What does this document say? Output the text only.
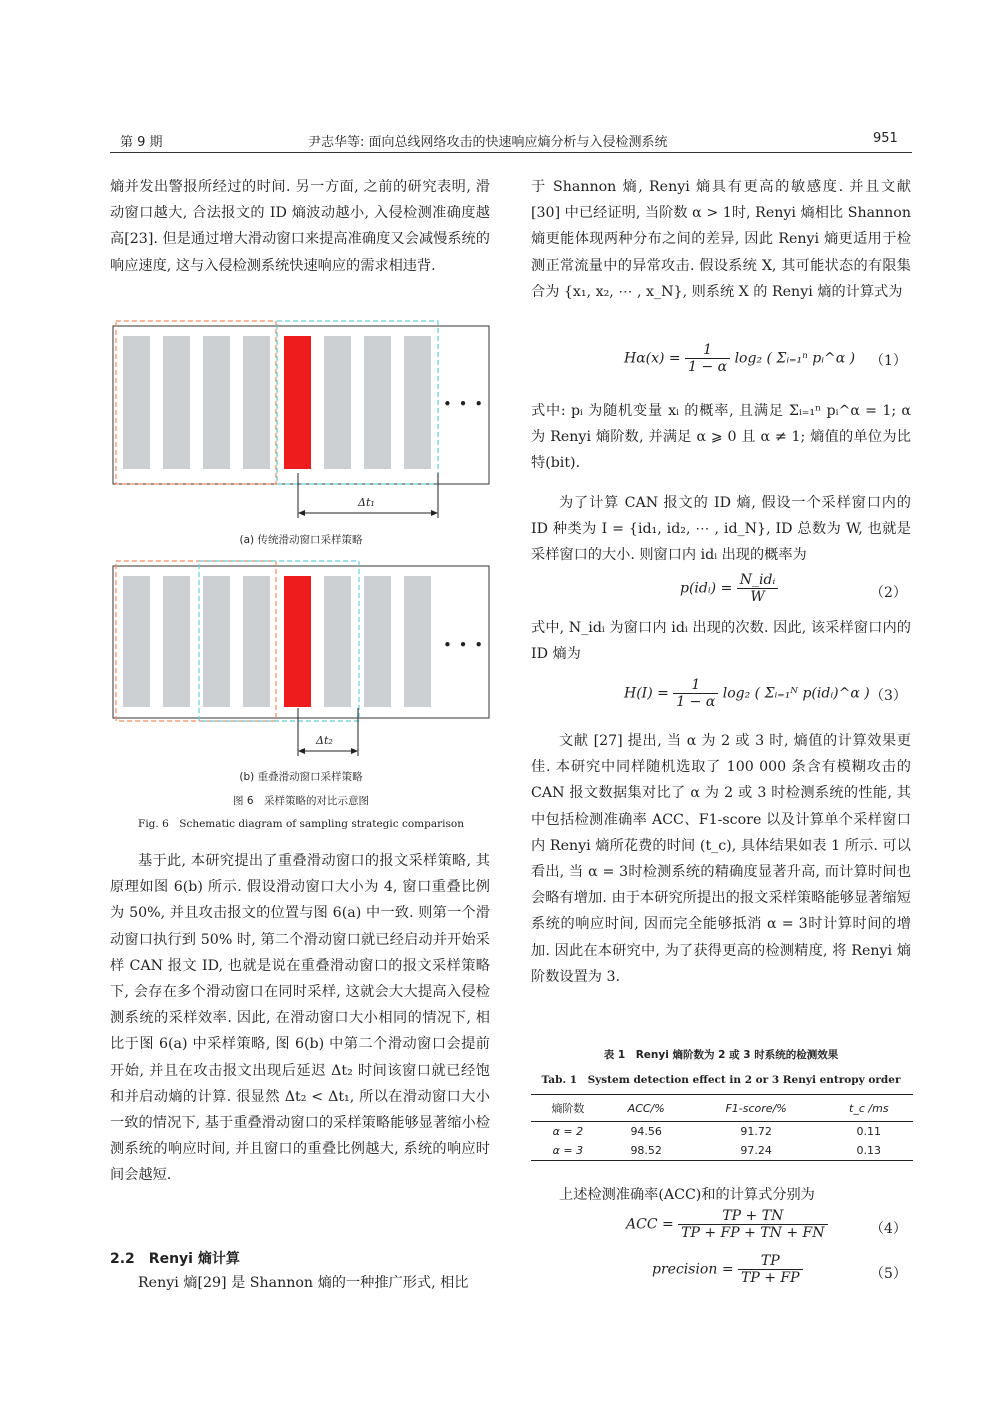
第 9 期	尹志华等: 面向总线网络攻击的快速响应熵分析与入侵检测系统	951

熵并发出警报所经过的时间. 另一方面, 之前的研究表明, 滑动窗口越大, 合法报文的 ID 熵波动越小, 入侵检测准确度越高[23]. 但是通过增大滑动窗口来提高准确度又会减慢系统的响应速度, 这与入侵检测系统快速响应的需求相违背.

• • •
Δt₁
(a) 传统滑动窗口采样策略
• • •
Δt₂
(b) 重叠滑动窗口采样策略
图 6　采样策略的对比示意图
Fig. 6　Schematic diagram of sampling strategic comparison

基于此, 本研究提出了重叠滑动窗口的报文采样策略, 其原理如图 6(b) 所示. 假设滑动窗口大小为 4, 窗口重叠比例为 50%, 并且攻击报文的位置与图 6(a) 中一致. 则第一个滑动窗口执行到 50% 时, 第二个滑动窗口就已经启动并开始采样 CAN 报文 ID, 也就是说在重叠滑动窗口的报文采样策略下, 会存在多个滑动窗口在同时采样, 这就会大大提高入侵检测系统的采样效率. 因此, 在滑动窗口大小相同的情况下, 相比于图 6(a) 中采样策略, 图 6(b) 中第二个滑动窗口会提前开始, 并且在攻击报文出现后延迟 Δt₂ 时间该窗口就已经饱和并启动熵的计算. 很显然 Δt₂ < Δt₁, 所以在滑动窗口大小一致的情况下, 基于重叠滑动窗口的采样策略能够显著缩小检测系统的响应时间, 并且窗口的重叠比例越大, 系统的响应时间会越短.

2.2　Renyi 熵计算

Renyi 熵[29] 是 Shannon 熵的一种推广形式, 相比

于 Shannon 熵, Renyi 熵具有更高的敏感度. 并且文献 [30] 中已经证明, 当阶数 α > 1时, Renyi 熵相比 Shannon 熵更能体现两种分布之间的差异, 因此 Renyi 熵更适用于检测正常流量中的异常攻击. 假设系统 X, 其可能状态的有限集合为 {x₁, x₂, ⋯ , x_N}, 则系统 X 的 Renyi 熵的计算式为

$H\alpha(x) = \frac{1}{1 - \alpha} \log_2$ ( Σᵢ₌₁ⁿ pᵢ^α ) （1）

式中: pᵢ 为随机变量 xᵢ 的概率, 且满足 Σᵢ₌₁ⁿ pᵢ^α = 1; α 为 Renyi 熵阶数, 并满足 α ⩾ 0 且 α ≠ 1; 熵值的单位为比特(bit).

为了计算 CAN 报文的 ID 熵, 假设一个采样窗口内的 ID 种类为 I = {id₁, id₂, ⋯ , id_N}, ID 总数为 W, 也就是采样窗口的大小. 则窗口内 idᵢ 出现的概率为

p(idᵢ) = $\frac{\text{N\_idᵢ}}{W}$	（2）

式中, N_idᵢ 为窗口内 idᵢ 出现的次数. 因此, 该采样窗口内的 ID 熵为

$H(I) = \frac{1}{1 - \alpha} \log_2$ ( Σᵢ₌₁ᴺ p(idᵢ)^α ) （3）

文献 [27] 提出, 当 α 为 2 或 3 时, 熵值的计算效果更佳. 本研究中同样随机选取了 100 000 条含有模糊攻击的 CAN 报文数据集对比了 α 为 2 或 3 时检测系统的性能, 其中包括检测准确率 ACC、F1-score 以及计算单个采样窗口内 Renyi 熵所花费的时间 (t_c), 具体结果如表 1 所示. 可以看出, 当 α = 3时检测系统的精确度显著升高, 而计算时间也会略有增加. 由于本研究所提出的报文采样策略能够显著缩短系统的响应时间, 因而完全能够抵消 α = 3时计算时间的增加. 因此在本研究中, 为了获得更高的检测精度, 将 Renyi 熵阶数设置为 3.

表 1　Renyi 熵阶数为 2 或 3 时系统的检测效果
Tab. 1　System detection effect in 2 or 3 Renyi entropy order
熵阶数	ACC/%	F1-score/%	t_c /ms
α = 2	94.56	91.72	0.11
α = 3	98.52	97.24	0.13

上述检测准确率(ACC)和的计算式分别为

ACC = $\frac{TP + TN}{TP + FP + TN + FN}$	（4）
precision = $\frac{TP}{TP + FP}$	（5）
